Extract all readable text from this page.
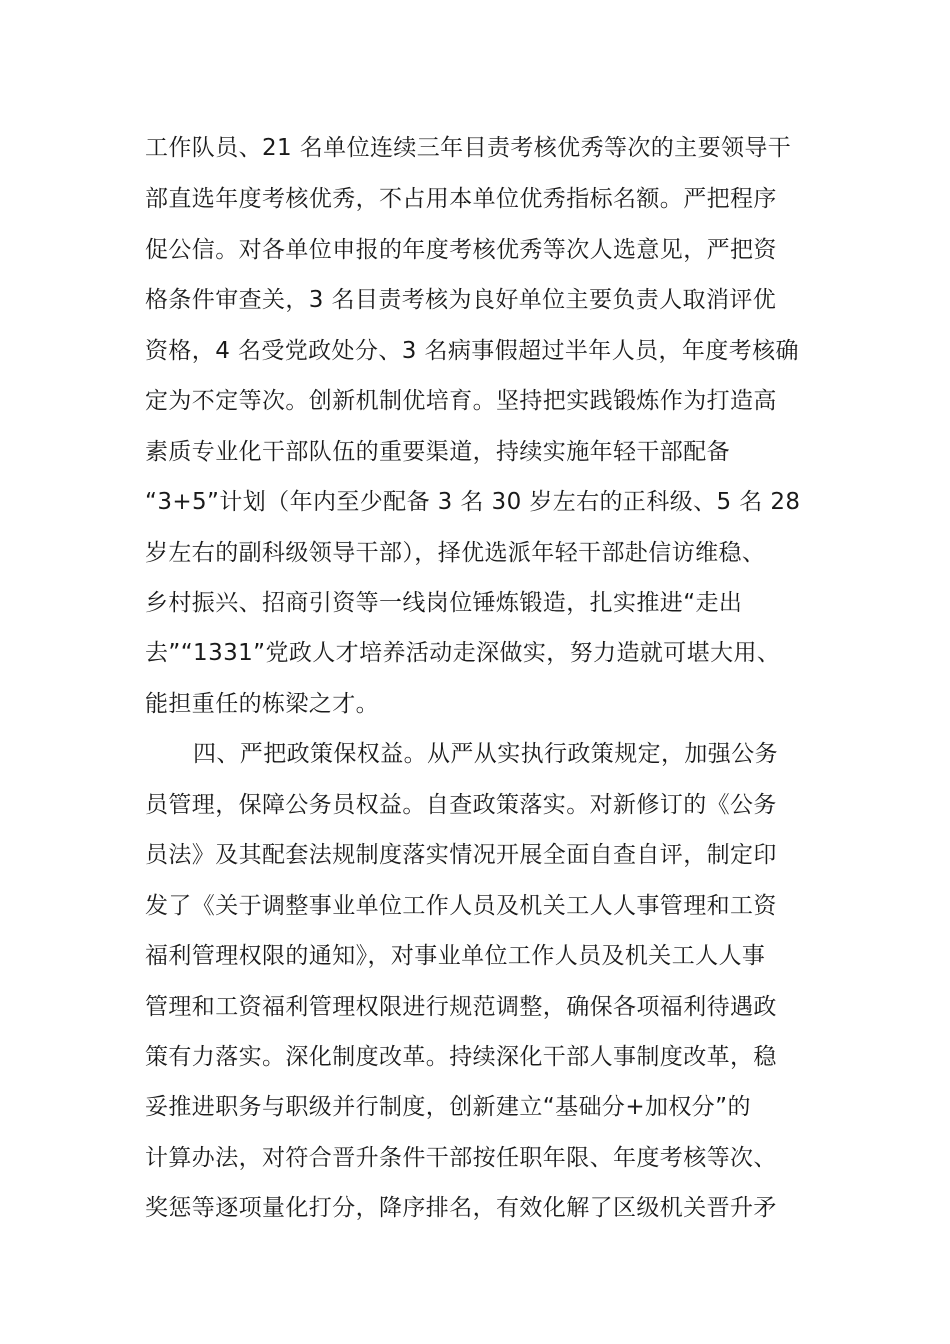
工作队员、21 名单位连续三年目责考核优秀等次的主要领导干
部直选年度考核优秀，不占用本单位优秀指标名额。严把程序
促公信。对各单位申报的年度考核优秀等次人选意见，严把资
格条件审查关，3 名目责考核为良好单位主要负责人取消评优
资格，4 名受党政处分、3 名病事假超过半年人员，年度考核确
定为不定等次。创新机制优培育。坚持把实践锻炼作为打造高
素质专业化干部队伍的重要渠道，持续实施年轻干部配备
“3+5”计划（年内至少配备 3 名 30 岁左右的正科级、5 名 28
岁左右的副科级领导干部），择优选派年轻干部赴信访维稳、
乡村振兴、招商引资等一线岗位锤炼锻造，扎实推进“走出
去”“1331”党政人才培养活动走深做实，努力造就可堪大用、
能担重任的栋梁之才。
四、严把政策保权益。从严从实执行政策规定，加强公务
员管理，保障公务员权益。自查政策落实。对新修订的《公务
员法》及其配套法规制度落实情况开展全面自查自评，制定印
发了《关于调整事业单位工作人员及机关工人人事管理和工资
福利管理权限的通知》，对事业单位工作人员及机关工人人事
管理和工资福利管理权限进行规范调整，确保各项福利待遇政
策有力落实。深化制度改革。持续深化干部人事制度改革，稳
妥推进职务与职级并行制度，创新建立“基础分+加权分”的
计算办法，对符合晋升条件干部按任职年限、年度考核等次、
奖惩等逐项量化打分，降序排名，有效化解了区级机关晋升矛
